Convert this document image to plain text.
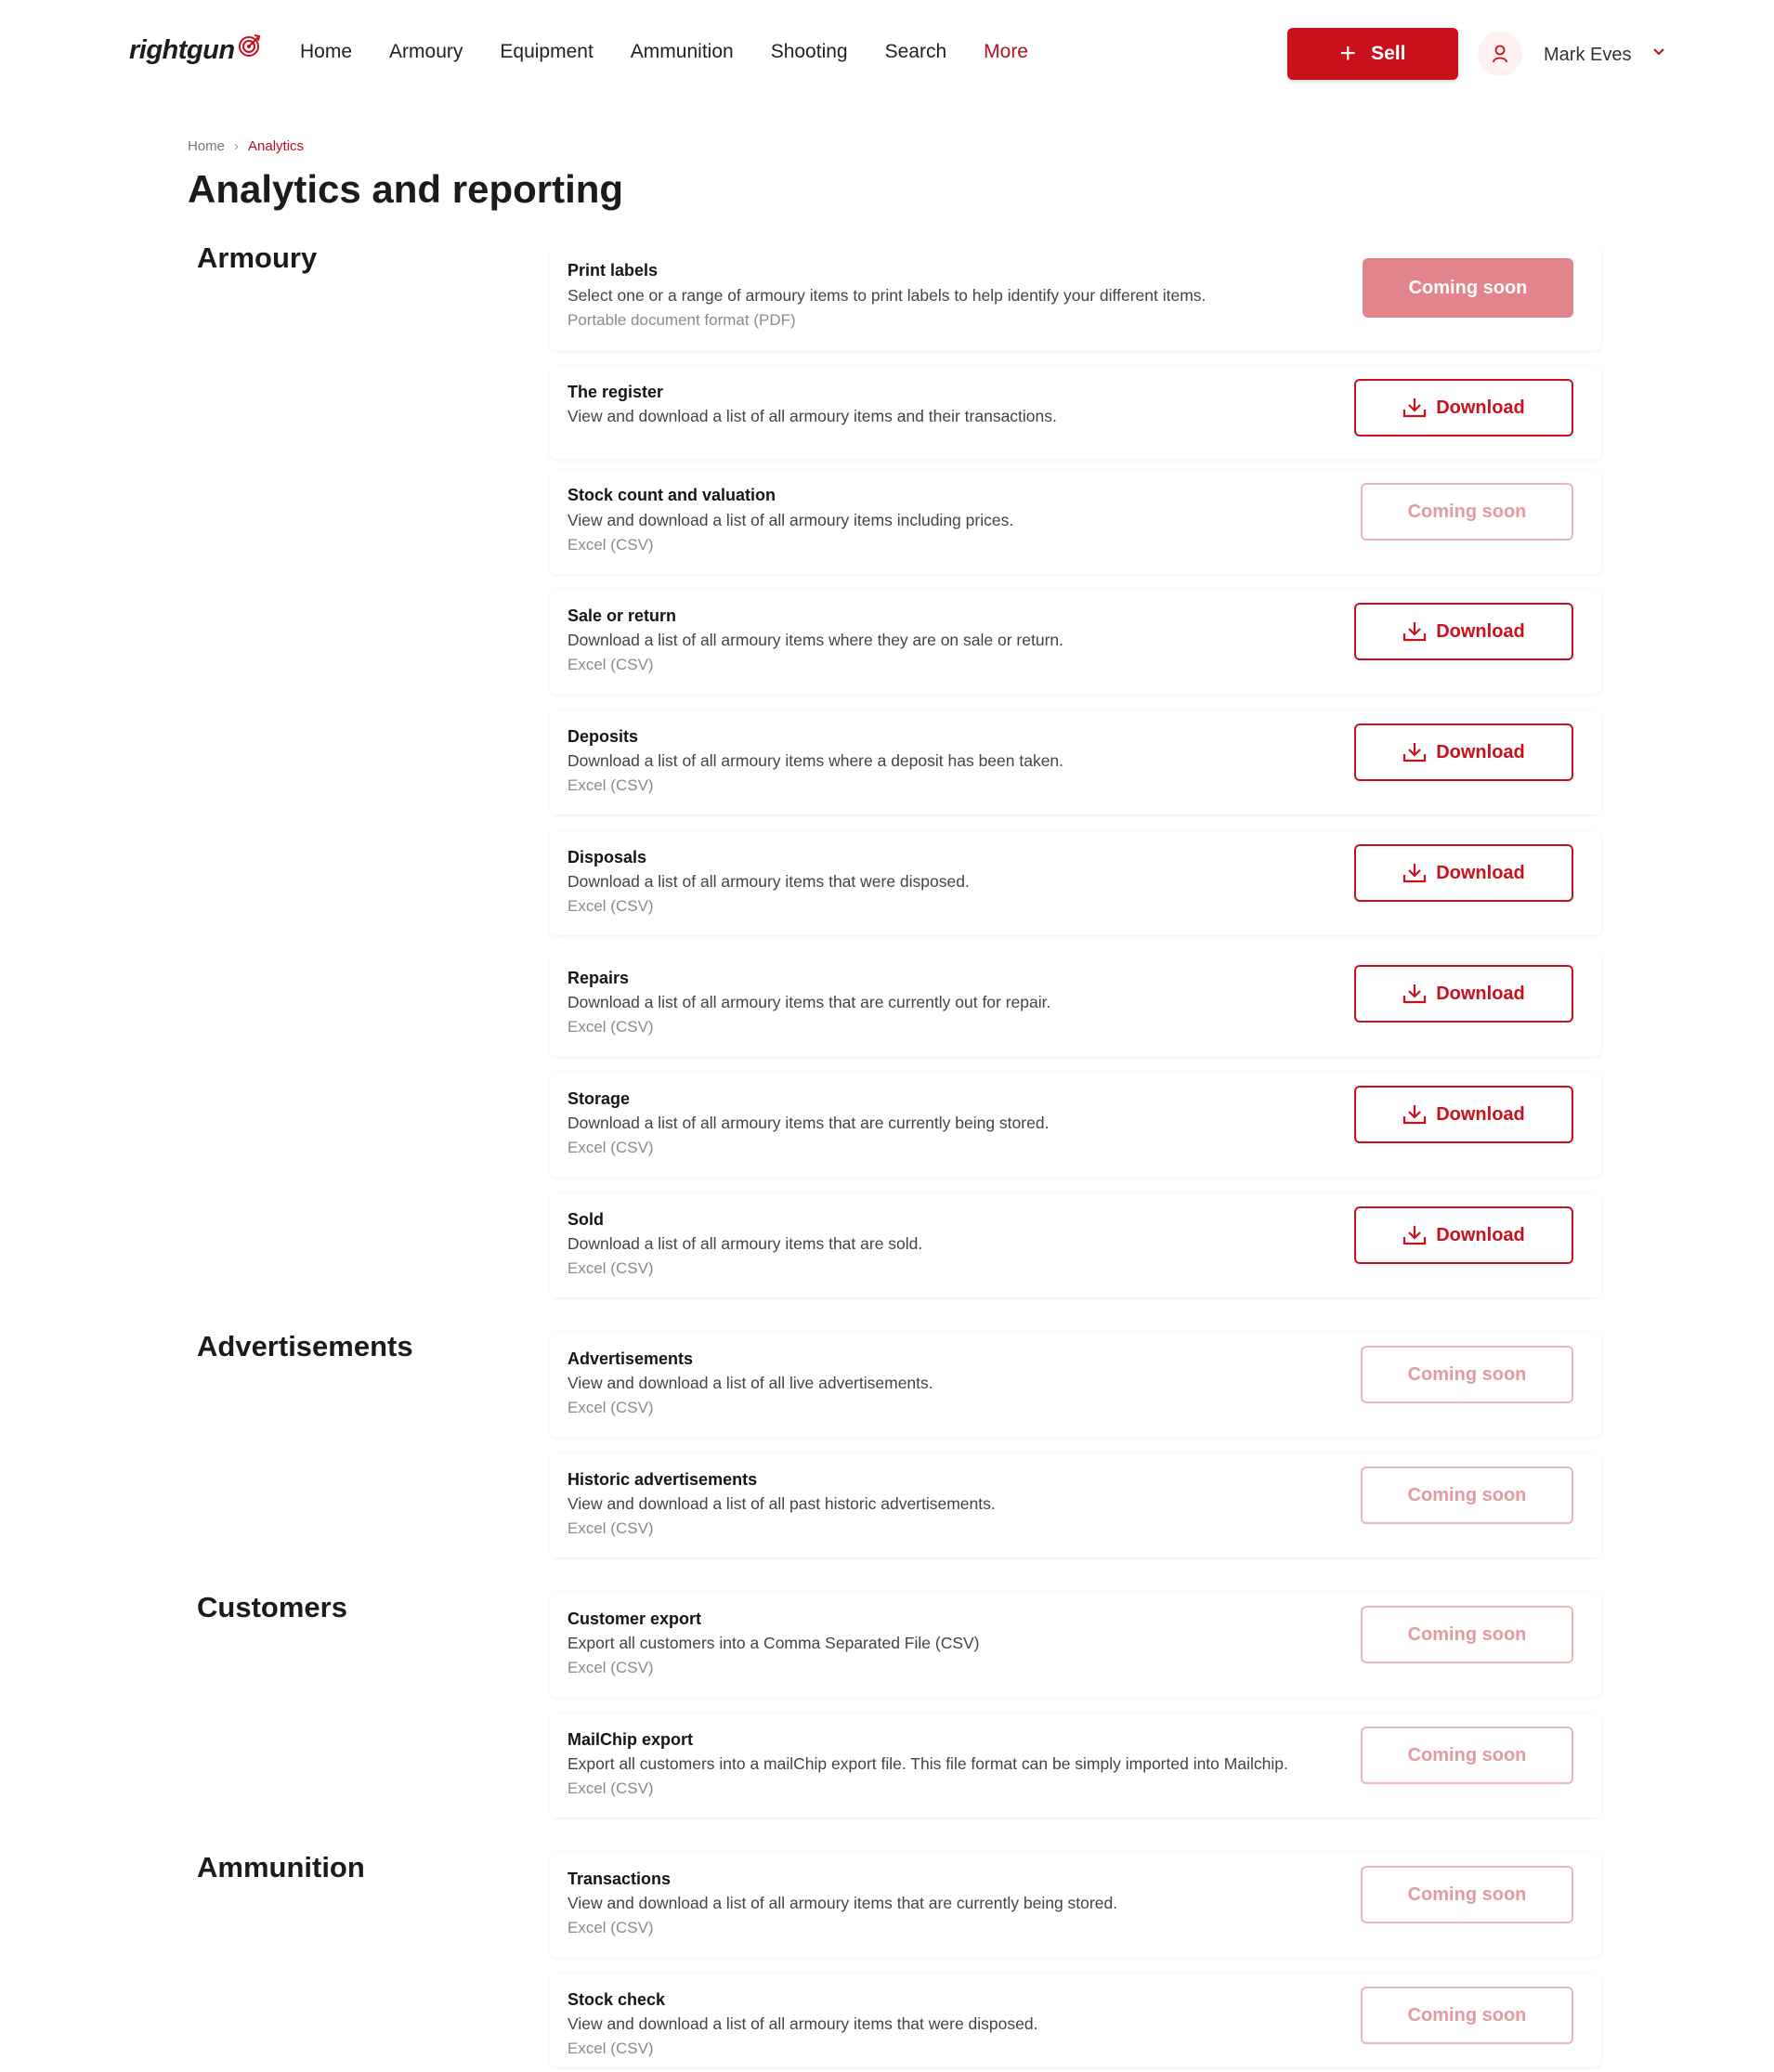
rightgun	Home Armoury Equipment Ammunition Shooting Search More	+ Sell	Mark Eves
Home › Analytics
Analytics and reporting
Armoury	Print labels
Select one or a range of armoury items to print labels to help identify your different items.
Portable document format (PDF)
Coming soon
The register
View and download a list of all armoury items and their transactions.	Download
Stock count and valuation
View and download a list of all armoury items including prices.
Excel (CSV)
Coming soon
Sale or return
Download a list of all armoury items where they are on sale or return.
Excel (CSV)
Download
Deposits
Download a list of all armoury items where a deposit has been taken.
Excel (CSV)
Download
Disposals
Download a list of all armoury items that were disposed.
Excel (CSV)
Download
Repairs
Download a list of all armoury items that are currently out for repair.
Excel (CSV)
Download
Storage
Download a list of all armoury items that are currently being stored.
Excel (CSV)
Download
Sold
Download a list of all armoury items that are sold.
Excel (CSV)
Download
Advertisements	Advertisements
View and download a list of all live advertisements.
Excel (CSV)
Coming soon
Historic advertisements
View and download a list of all past historic advertisements.
Excel (CSV)
Coming soon
Customers	Customer export
Export all customers into a Comma Separated File (CSV)
Excel (CSV)
Coming soon
MailChip export
Export all customers into a mailChip export file. This file format can be simply imported into Mailchip.
Excel (CSV)
Coming soon
Ammunition	Transactions
View and download a list of all armoury items that are currently being stored.
Excel (CSV)
Coming soon
Stock check
View and download a list of all armoury items that were disposed.
Excel (CSV)
Coming soon
